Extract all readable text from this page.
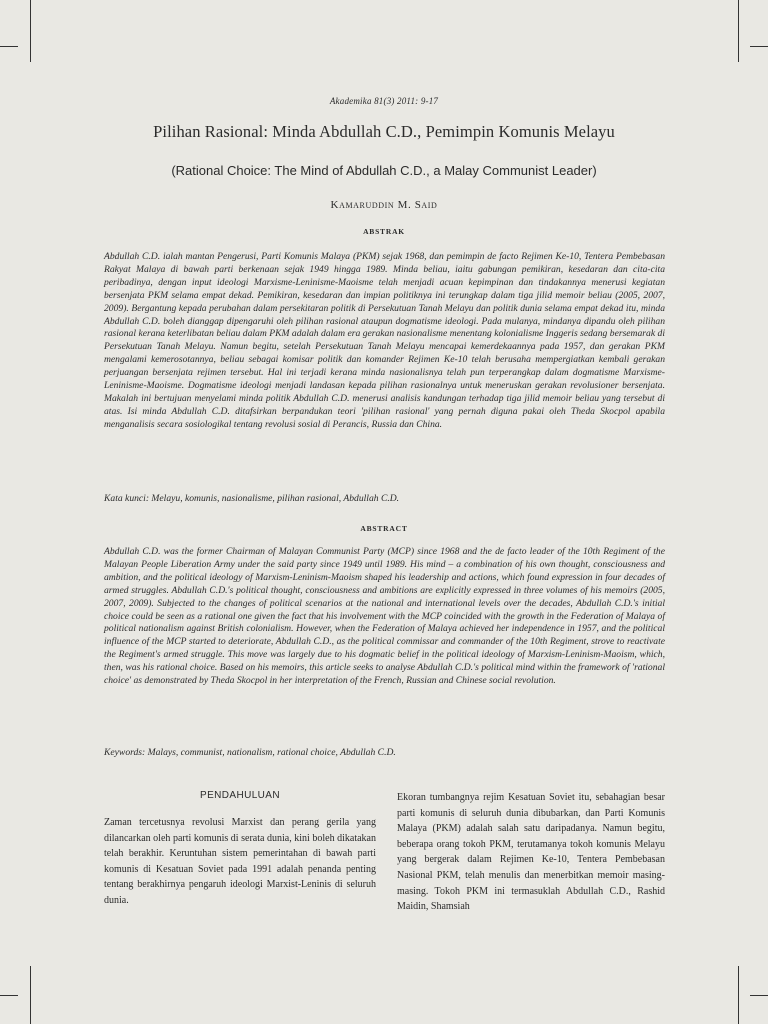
Akademika 81(3) 2011: 9-17
Pilihan Rasional: Minda Abdullah C.D., Pemimpin Komunis Melayu
(Rational Choice: The Mind of Abdullah C.D., a Malay Communist Leader)
Kamaruddin M. Said
ABSTRAK

Abdullah C.D. ialah mantan Pengerusi, Parti Komunis Malaya (PKM) sejak 1968, dan pemimpin de facto Rejimen Ke-10, Tentera Pembebasan Rakyat Malaya di bawah parti berkenaan sejak 1949 hingga 1989. Minda beliau, iaitu gabungan pemikiran, kesedaran dan cita-cita peribadinya, dengan input ideologi Marxisme-Leninisme-Maoisme telah menjadi acuan kepimpinan dan tindakannya menerusi kegiatan bersenjata PKM selama empat dekad. Pemikiran, kesedaran dan impian politiknya ini terungkap dalam tiga jilid memoir beliau (2005, 2007, 2009). Bergantung kepada perubahan dalam persekitaran politik di Persekutuan Tanah Melayu dan politik dunia selama empat dekad itu, minda Abdullah C.D. boleh dianggap dipengaruhi oleh pilihan rasional ataupun dogmatisme ideologi. Pada mulanya, mindanya dipandu oleh pilihan rasional kerana keterlibatan beliau dalam PKM adalah dalam era gerakan nasionalisme menentang kolonialisme Inggeris sedang bersemarak di Persekutuan Tanah Melayu. Namun begitu, setelah Persekutuan Tanah Melayu mencapai kemerdekaannya pada 1957, dan gerakan PKM mengalami kemerosotannya, beliau sebagai komisar politik dan komander Rejimen Ke-10 telah berusaha mempergiatkan kembali gerakan perjuangan bersenjata rejimen tersebut. Hal ini terjadi kerana minda nasionalisnya telah pun terperangkap dalam dogmatisme Marxisme-Leninisme-Maoisme. Dogmatisme ideologi menjadi landasan kepada pilihan rasionalnya untuk meneruskan gerakan revolusioner bersenjata. Makalah ini bertujuan menyelami minda politik Abdullah C.D. menerusi analisis kandungan terhadap tiga jilid memoir beliau yang tersebut di atas. Isi minda Abdullah C.D. ditafsirkan berpandukan teori 'pilihan rasional' yang pernah diguna pakai oleh Theda Skocpol apabila menganalisis secara sosiologikal tentang revolusi sosial di Perancis, Russia dan China.

Kata kunci: Melayu, komunis, nasionalisme, pilihan rasional, Abdullah C.D.

ABSTRACT

Abdullah C.D. was the former Chairman of Malayan Communist Party (MCP) since 1968 and the de facto leader of the 10th Regiment of the Malayan People Liberation Army under the said party since 1949 until 1989. His mind – a combination of his own thought, consciousness and ambition, and the political ideology of Marxism-Leninism-Maoism shaped his leadership and actions, which found expression in four decades of armed struggles. Abdullah C.D.'s political thought, consciousness and ambitions are explicitly expressed in three volumes of his memoirs (2005, 2007, 2009). Subjected to the changes of political scenarios at the national and international levels over the decades, Abdullah C.D.'s initial choice could be seen as a rational one given the fact that his involvement with the MCP coincided with the growth in the Federation of Malaya of political nationalism against British colonialism. However, when the Federation of Malaya achieved her independence in 1957, and the political influence of the MCP started to deteriorate, Abdullah C.D., as the political commissar and commander of the 10th Regiment, strove to reactivate the Regiment's armed struggle. This move was largely due to his dogmatic belief in the political ideology of Marxism-Leninism-Maoism, which, then, was his rational choice. Based on his memoirs, this article seeks to analyse Abdullah C.D.'s political mind within the framework of 'rational choice' as demonstrated by Theda Skocpol in her interpretation of the French, Russian and Chinese social revolution.

Keywords: Malays, communist, nationalism, rational choice, Abdullah C.D.

PENDAHULUAN

Zaman tercetusnya revolusi Marxist dan perang gerila yang dilancarkan oleh parti komunis di serata dunia, kini boleh dikatakan telah berakhir. Keruntuhan sistem pemerintahan di bawah parti komunis di Kesatuan Soviet pada 1991 adalah penanda penting tentang berakhirnya pengaruh ideologi Marxist-Leninis di seluruh dunia.

Ekoran tumbangnya rejim Kesatuan Soviet itu, sebahagian besar parti komunis di seluruh dunia dibubarkan, dan Parti Komunis Malaya (PKM) adalah salah satu daripadanya. Namun begitu, beberapa orang tokoh PKM, terutamanya tokoh komunis Melayu yang bergerak dalam Rejimen Ke-10, Tentera Pembebasan Nasional PKM, telah menulis dan menerbitkan memoir masing-masing. Tokoh PKM ini termasuklah Abdullah C.D., Rashid Maidin, Shamsiah
